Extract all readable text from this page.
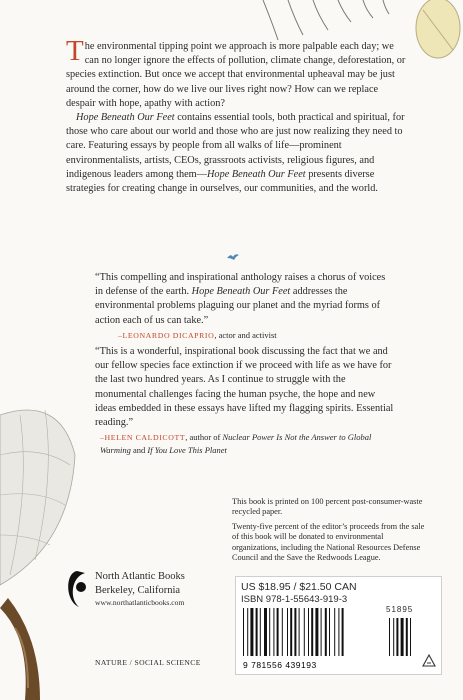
The environmental tipping point we approach is more palpable each day; we can no longer ignore the effects of pollution, climate change, deforestation, or species extinction. But once we accept that environmental upheaval may be just around the corner, how do we live our lives right now? How can we replace despair with hope, apathy with action?

Hope Beneath Our Feet contains essential tools, both practical and spiritual, for those who care about our world and those who are just now realizing they need to care. Featuring essays by people from all walks of life—prominent environmentalists, artists, CEOs, grassroots activists, religious figures, and indigenous leaders among them—Hope Beneath Our Feet presents diverse strategies for creating change in ourselves, our communities, and the world.

“This compelling and inspirational anthology raises a chorus of voices in defense of the earth. Hope Beneath Our Feet addresses the environmental problems plaguing our planet and the myriad forms of action each of us can take.”

–LEONARDO DICAPRIO, actor and activist

“This is a wonderful, inspirational book discussing the fact that we and our fellow species face extinction if we proceed with life as we have for the last two hundred years. As I continue to struggle with the monumental challenges facing the human psyche, the hope and new ideas embedded in these essays have lifted my flagging spirits. Essential reading.”

–HELEN CALDICOTT, author of Nuclear Power Is Not the Answer to Global Warming and If You Love This Planet

This book is printed on 100 percent post-consumer-waste recycled paper.

Twenty-five percent of the editor’s proceeds from the sale of this book will be donated to environmental organizations, including the National Resources Defense Council and the Save the Redwoods League.

North Atlantic Books
Berkeley, California
www.northatlanticbooks.com
US $18.95 / $21.50 CAN
ISBN 978-1-55643-919-3
51895
9 781556 439193
NATURE / SOCIAL SCIENCE
